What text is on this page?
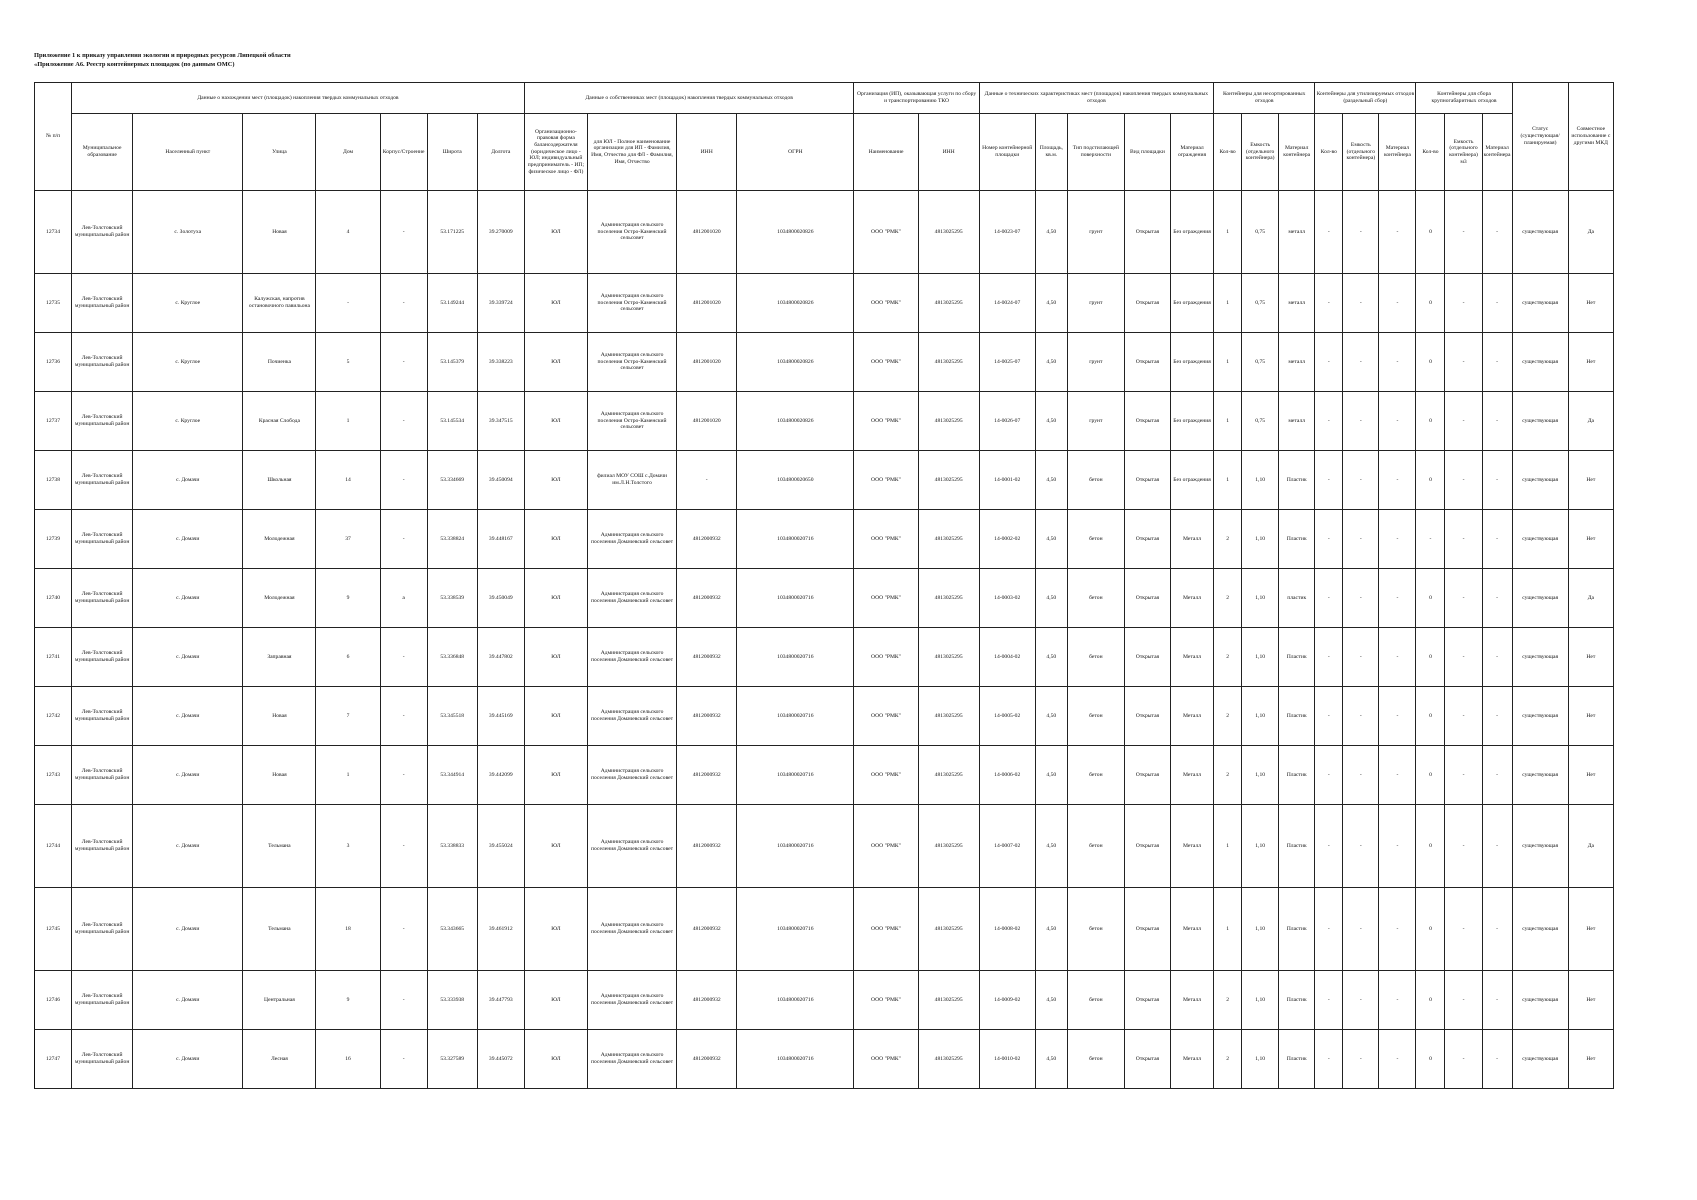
Приложение 1 к приказу управления экологии и природных ресурсов Липецкой области
«Приложение А6. Реестр контейнерных площадок (по данным ОМС)
№ п/п	Данные о нахождении мест (площадок) накопления твердых коммунальных отходов							Данные о собственниках мест (площадок) накопления твердых коммунальных отходов				Организация (ИП), оказывающая услуги по сбору и транспортированию ТКО		Данные о технических характеристиках мест (площадок) накопления твердых коммунальных отходов					Контейнеры для несортированных отходов			Контейнеры для утилизируемых отходов (раздельный сбор)			Контейнеры для сбора крупногабаритных отходов			Статус (существующая/ планируемая)	Совместное использование с другими МКД
	Муниципальное образование	Населенный пункт	Улица	Дом	Корпус/Строение	Широта	Долгота	Организационно-правовая форма балансодержателя (юридическое лицо - ЮЛ; индивидуальный предприниматель - ИП; физическое лицо - ФЛ)	для ЮЛ - Полное наименование организации для ИП - Фамилия, Имя, Отчество для ФЛ - Фамилия, Имя, Отчество	ИНН	ОГРН	Наименование	ИНН	Номер контейнерной площадки	Площадь, кв.м.	Тип подстилающей поверхности	Вид площадки	Материал ограждения	Кол-во	Емкость (отдельного контейнера)	Материал контейнера	Кол-во	Емкость (отдельного контейнера)	Материал контейнера	Кол-во	Емкость (отдельного контейнера) м3	Материал контейнера		
12734	Лев-Толстовский муниципальный район	с. Золотуха	Новая	4	-	53.171225	39.270009	ЮЛ	Администрация сельского поселения Остро-Каменский сельсовет	4812001020	1034800020826	ООО "РМК"	4813025295	14-0023-07	4,50	грунт	Открытая	Без ограждения	1	0,75	металл	-	-	-	0	-	-	существующая	Да
12735	Лев-Толстовский муниципальный район	с. Круглое	Калужская, напротив остановочного павильона	-	-	53.149244	39.339724	ЮЛ	Администрация сельского поселения Остро-Каменский сельсовет	4812001020	1034800020826	ООО "РМК"	4813025295	14-0024-07	4,50	грунт	Открытая	Без ограждения	1	0,75	металл	-	-	-	0	-	-	существующая	Нет
12736	Лев-Толстовский муниципальный район	с. Круглое	Почиенка	5	-	53.145379	39.338223	ЮЛ	Администрация сельского поселения Остро-Каменский сельсовет	4812001020	1034800020826	ООО "РМК"	4813025295	14-0025-07	4,50	грунт	Открытая	Без ограждения	1	0,75	металл	-	-	-	0	-	-	существующая	Нет
12737	Лев-Толстовский муниципальный район	с. Круглое	Красная Слобода	1	-	53.145534	39.347515	ЮЛ	Администрация сельского поселения Остро-Каменский сельсовет	4812001020	1034800020826	ООО "РМК"	4813025295	14-0026-07	4,50	грунт	Открытая	Без ограждения	1	0,75	металл	-	-	-	0	-	-	существующая	Да
12738	Лев-Толстовский муниципальный район	с. Домачи	Школьная	14	-	53.334669	39.450094	ЮЛ	филиал МОУ СОШ с.Домачи им.Л.Н.Толстого	-	1034800020650	ООО "РМК"	4813025295	14-0001-02	4,50	бетон	Открытая	Без ограждения	1	1,10	Пластик	-	-	-	0	-	-	существующая	Нет
12739	Лев-Толстовский муниципальный район	с. Домачи	Молодежная	37	-	53.338824	39.448167	ЮЛ	Администрация сельского поселения Домачевский сельсовет	4812000932	1034800020716	ООО "РМК"	4813025295	14-0002-02	4,50	бетон	Открытая	Металл	2	1,10	Пластик	-	-	-	-	-	-	существующая	Нет
12740	Лев-Толстовский муниципальный район	с. Домачи	Молодежная	9	а	53.338539	39.450049	ЮЛ	Администрация сельского поселения Домачевский сельсовет	4812000932	1034800020716	ООО "РМК"	4813025295	14-0003-02	4,50	бетон	Открытая	Металл	2	1,10	пластик	-	-	-	0	-	-	существующая	Да
12741	Лев-Толстовский муниципальный район	с. Домачи	Заправная	6	-	53.336848	39.447802	ЮЛ	Администрация сельского поселения Домачевский сельсовет	4812000932	1034800020716	ООО "РМК"	4813025295	14-0004-02	4,50	бетон	Открытая	Металл	2	1,10	Пластик	-	-	-	0	-	-	существующая	Нет
12742	Лев-Толстовский муниципальный район	с. Домачи	Новая	7	-	53.345518	39.445169	ЮЛ	Администрация сельского поселения Домачевский сельсовет	4812000932	1034800020716	ООО "РМК"	4813025295	14-0005-02	4,50	бетон	Открытая	Металл	2	1,10	Пластик	-	-	-	0	-	-	существующая	Нет
12743	Лев-Толстовский муниципальный район	с. Домачи	Новая	1	-	53.344914	39.442099	ЮЛ	Администрация сельского поселения Домачевский сельсовет	4812000932	1034800020716	ООО "РМК"	4813025295	14-0006-02	4,50	бетон	Открытая	Металл	2	1,10	Пластик	-	-	-	0	-	-	существующая	Нет
12744	Лев-Толстовский муниципальный район	с. Домачи	Тельмана	3	-	53.338833	39.455024	ЮЛ	Администрация сельского поселения Домачевский сельсовет	4812000932	1034800020716	ООО "РМК"	4813025295	14-0007-02	4,50	бетон	Открытая	Металл	1	1,10	Пластик	-	-	-	0	-	-	существующая	Да
12745	Лев-Толстовский муниципальный район	с. Домачи	Тельмана	18	-	53.343665	39.461912	ЮЛ	Администрация сельского поселения Домачевский сельсовет	4812000932	1034800020716	ООО "РМК"	4813025295	14-0008-02	4,50	бетон	Открытая	Металл	1	1,10	Пластик	-	-	-	0	-	-	существующая	Нет
12746	Лев-Толстовский муниципальный район	с. Домачи	Центральная	9	-	53.333938	39.447793	ЮЛ	Администрация сельского поселения Домачевский сельсовет	4812000932	1034800020716	ООО "РМК"	4813025295	14-0009-02	4,50	бетон	Открытая	Металл	2	1,10	Пластик	-	-	-	0	-	-	существующая	Нет
12747	Лев-Толстовский муниципальный район	с. Домачи	Лесная	16	-	53.327589	39.445072	ЮЛ	Администрация сельского поселения Домачевский сельсовет	4812000932	1034800020716	ООО "РМК"	4813025295	14-0010-02	4,50	бетон	Открытая	Металл	2	1,10	Пластик	-	-	-	0	-	-	существующая	Нет
